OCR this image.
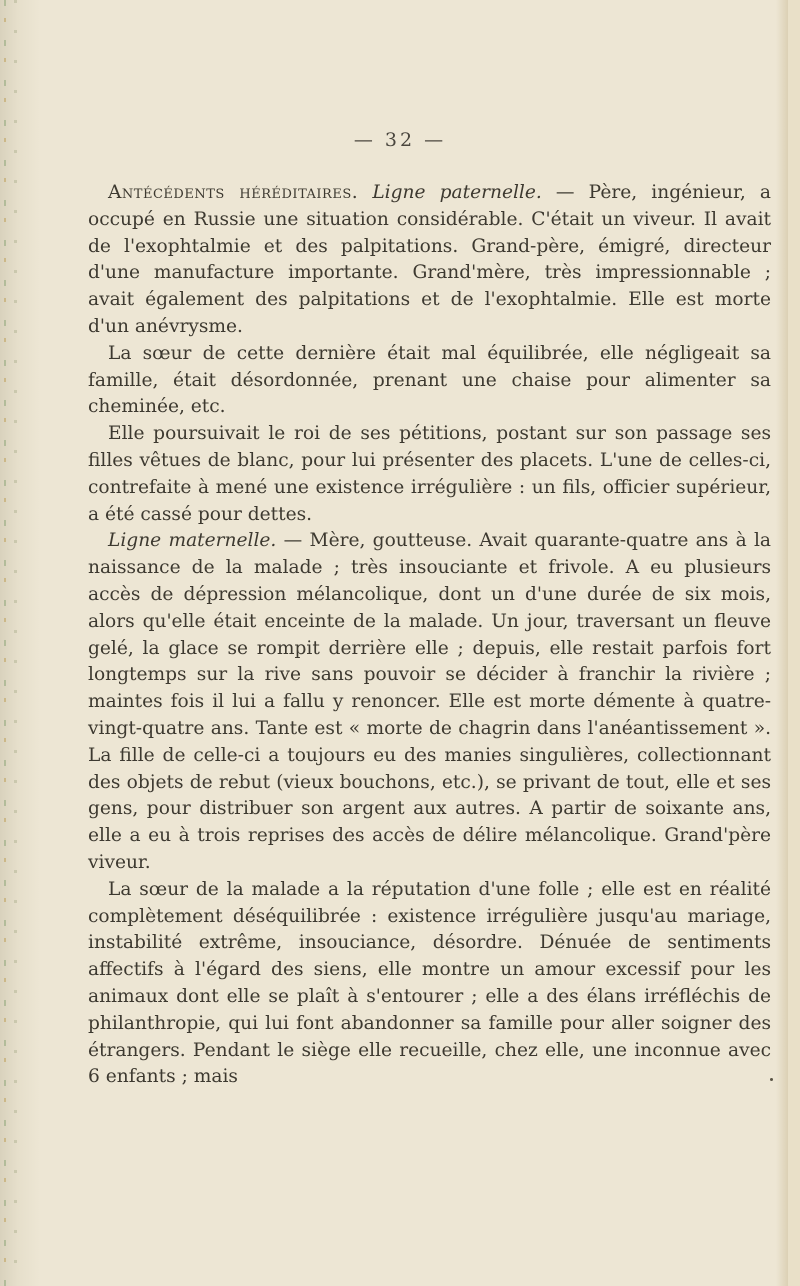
— 32 —

Antécédents héréditaires. Ligne paternelle. — Père, ingénieur, a occupé en Russie une situation considérable. C'était un viveur. Il avait de l'exophtalmie et des palpitations. Grand-père, émigré, directeur d'une manufacture importante. Grand'mère, très impressionnable ; avait également des palpitations et de l'exophtalmie. Elle est morte d'un anévrysme.

La sœur de cette dernière était mal équilibrée, elle négligeait sa famille, était désordonnée, prenant une chaise pour alimenter sa cheminée, etc.

Elle poursuivait le roi de ses pétitions, postant sur son passage ses filles vêtues de blanc, pour lui présenter des placets. L'une de celles-ci, contrefaite à mené une existence irrégulière : un fils, officier supérieur, a été cassé pour dettes.

Ligne maternelle. — Mère, goutteuse. Avait quarante-quatre ans à la naissance de la malade ; très insouciante et frivole. A eu plusieurs accès de dépression mélancolique, dont un d'une durée de six mois, alors qu'elle était enceinte de la malade. Un jour, traversant un fleuve gelé, la glace se rompit derrière elle ; depuis, elle restait parfois fort longtemps sur la rive sans pouvoir se décider à franchir la rivière ; maintes fois il lui a fallu y renoncer. Elle est morte démente à quatre-vingt-quatre ans. Tante est « morte de chagrin dans l'anéantissement ». La fille de celle-ci a toujours eu des manies singulières, collectionnant des objets de rebut (vieux bouchons, etc.), se privant de tout, elle et ses gens, pour distribuer son argent aux autres. A partir de soixante ans, elle a eu à trois reprises des accès de délire mélancolique. Grand'père viveur.

La sœur de la malade a la réputation d'une folle ; elle est en réalité complètement déséquilibrée : existence irrégulière jusqu'au mariage, instabilité extrême, insouciance, désordre. Dénuée de sentiments affectifs à l'égard des siens, elle montre un amour excessif pour les animaux dont elle se plaît à s'entourer ; elle a des élans irréfléchis de philanthropie, qui lui font abandonner sa famille pour aller soigner des étrangers. Pendant le siège elle recueille, chez elle, une inconnue avec 6 enfants ; mais
